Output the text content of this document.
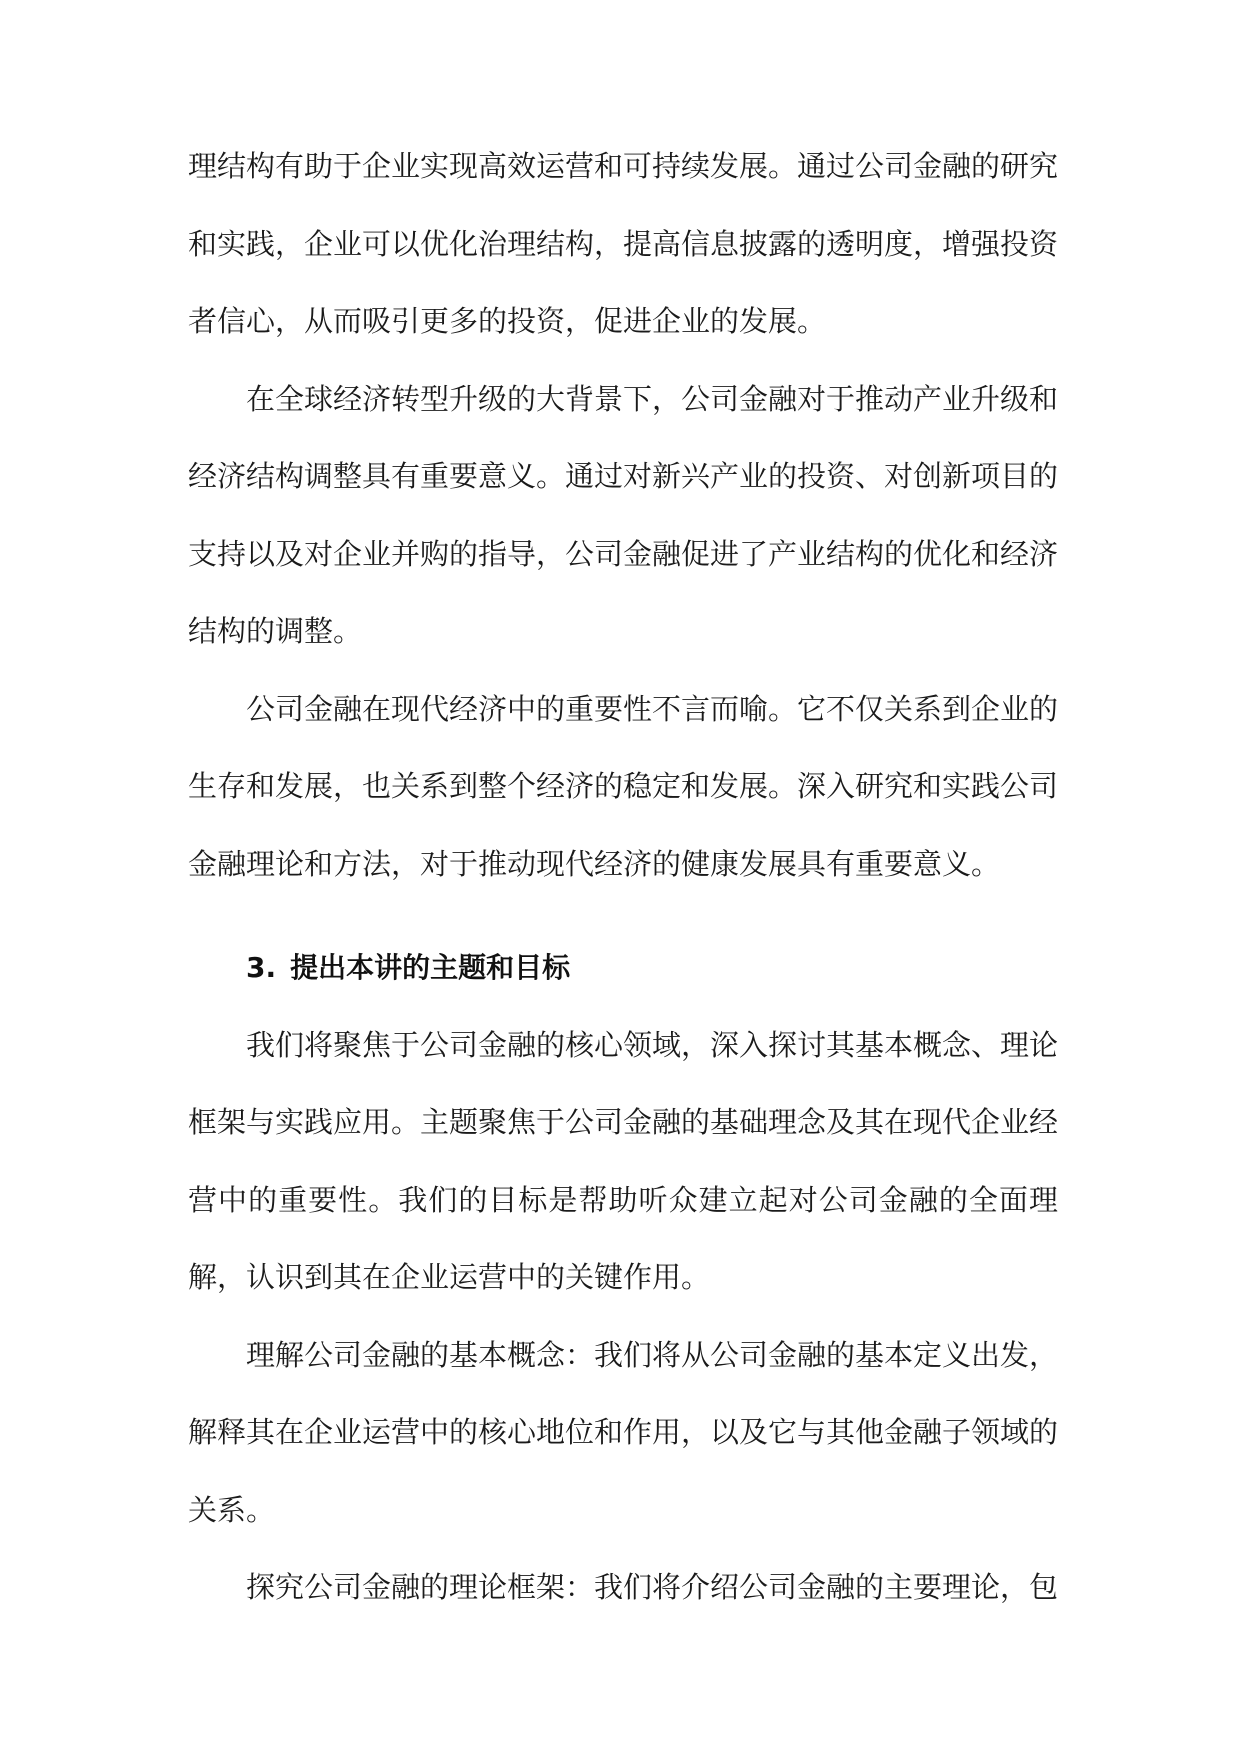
理结构有助于企业实现高效运营和可持续发展。通过公司金融的研究和实践，企业可以优化治理结构，提高信息披露的透明度，增强投资者信心，从而吸引更多的投资，促进企业的发展。

在全球经济转型升级的大背景下，公司金融对于推动产业升级和经济结构调整具有重要意义。通过对新兴产业的投资、对创新项目的支持以及对企业并购的指导，公司金融促进了产业结构的优化和经济结构的调整。

公司金融在现代经济中的重要性不言而喻。它不仅关系到企业的生存和发展，也关系到整个经济的稳定和发展。深入研究和实践公司金融理论和方法，对于推动现代经济的健康发展具有重要意义。

3. 提出本讲的主题和目标

我们将聚焦于公司金融的核心领域，深入探讨其基本概念、理论框架与实践应用。主题聚焦于公司金融的基础理念及其在现代企业经营中的重要性。我们的目标是帮助听众建立起对公司金融的全面理解，认识到其在企业运营中的关键作用。

理解公司金融的基本概念：我们将从公司金融的基本定义出发，解释其在企业运营中的核心地位和作用，以及它与其他金融子领域的关系。

探究公司金融的理论框架：我们将介绍公司金融的主要理论，包
